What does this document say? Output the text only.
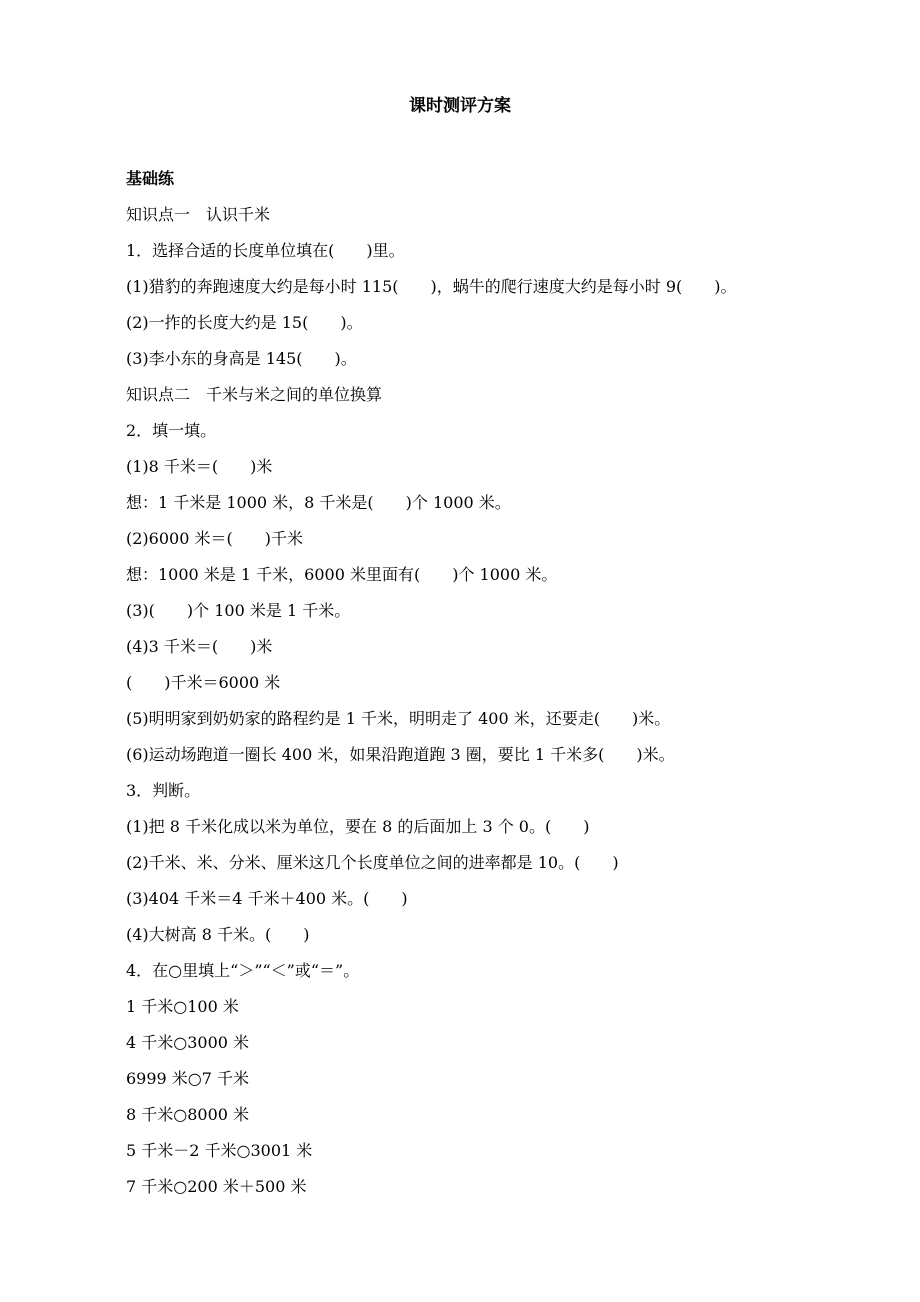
课时测评方案
基础练
知识点一　认识千米
1．选择合适的长度单位填在(　　)里。
(1)猎豹的奔跑速度大约是每小时 115(　　)，蜗牛的爬行速度大约是每小时 9(　　)。
(2)一拃的长度大约是 15(　　)。
(3)李小东的身高是 145(　　)。
知识点二　千米与米之间的单位换算
2．填一填。
(1)8 千米＝(　　)米
想：1 千米是 1000 米，8 千米是(　　)个 1000 米。
(2)6000 米＝(　　)千米
想：1000 米是 1 千米，6000 米里面有(　　)个 1000 米。
(3)(　　)个 100 米是 1 千米。
(4)3 千米＝(　　)米
(　　)千米＝6000 米
(5)明明家到奶奶家的路程约是 1 千米，明明走了 400 米，还要走(　　)米。
(6)运动场跑道一圈长 400 米，如果沿跑道跑 3 圈，要比 1 千米多(　　)米。
3．判断。
(1)把 8 千米化成以米为单位，要在 8 的后面加上 3 个 0。(　　)
(2)千米、米、分米、厘米这几个长度单位之间的进率都是 10。(　　)
(3)404 千米＝4 千米＋400 米。(　　)
(4)大树高 8 千米。(　　)
4．在○里填上“＞”“＜”或“＝”。
1 千米○100 米
4 千米○3000 米
6999 米○7 千米
8 千米○8000 米
5 千米－2 千米○3001 米
7 千米○200 米＋500 米
